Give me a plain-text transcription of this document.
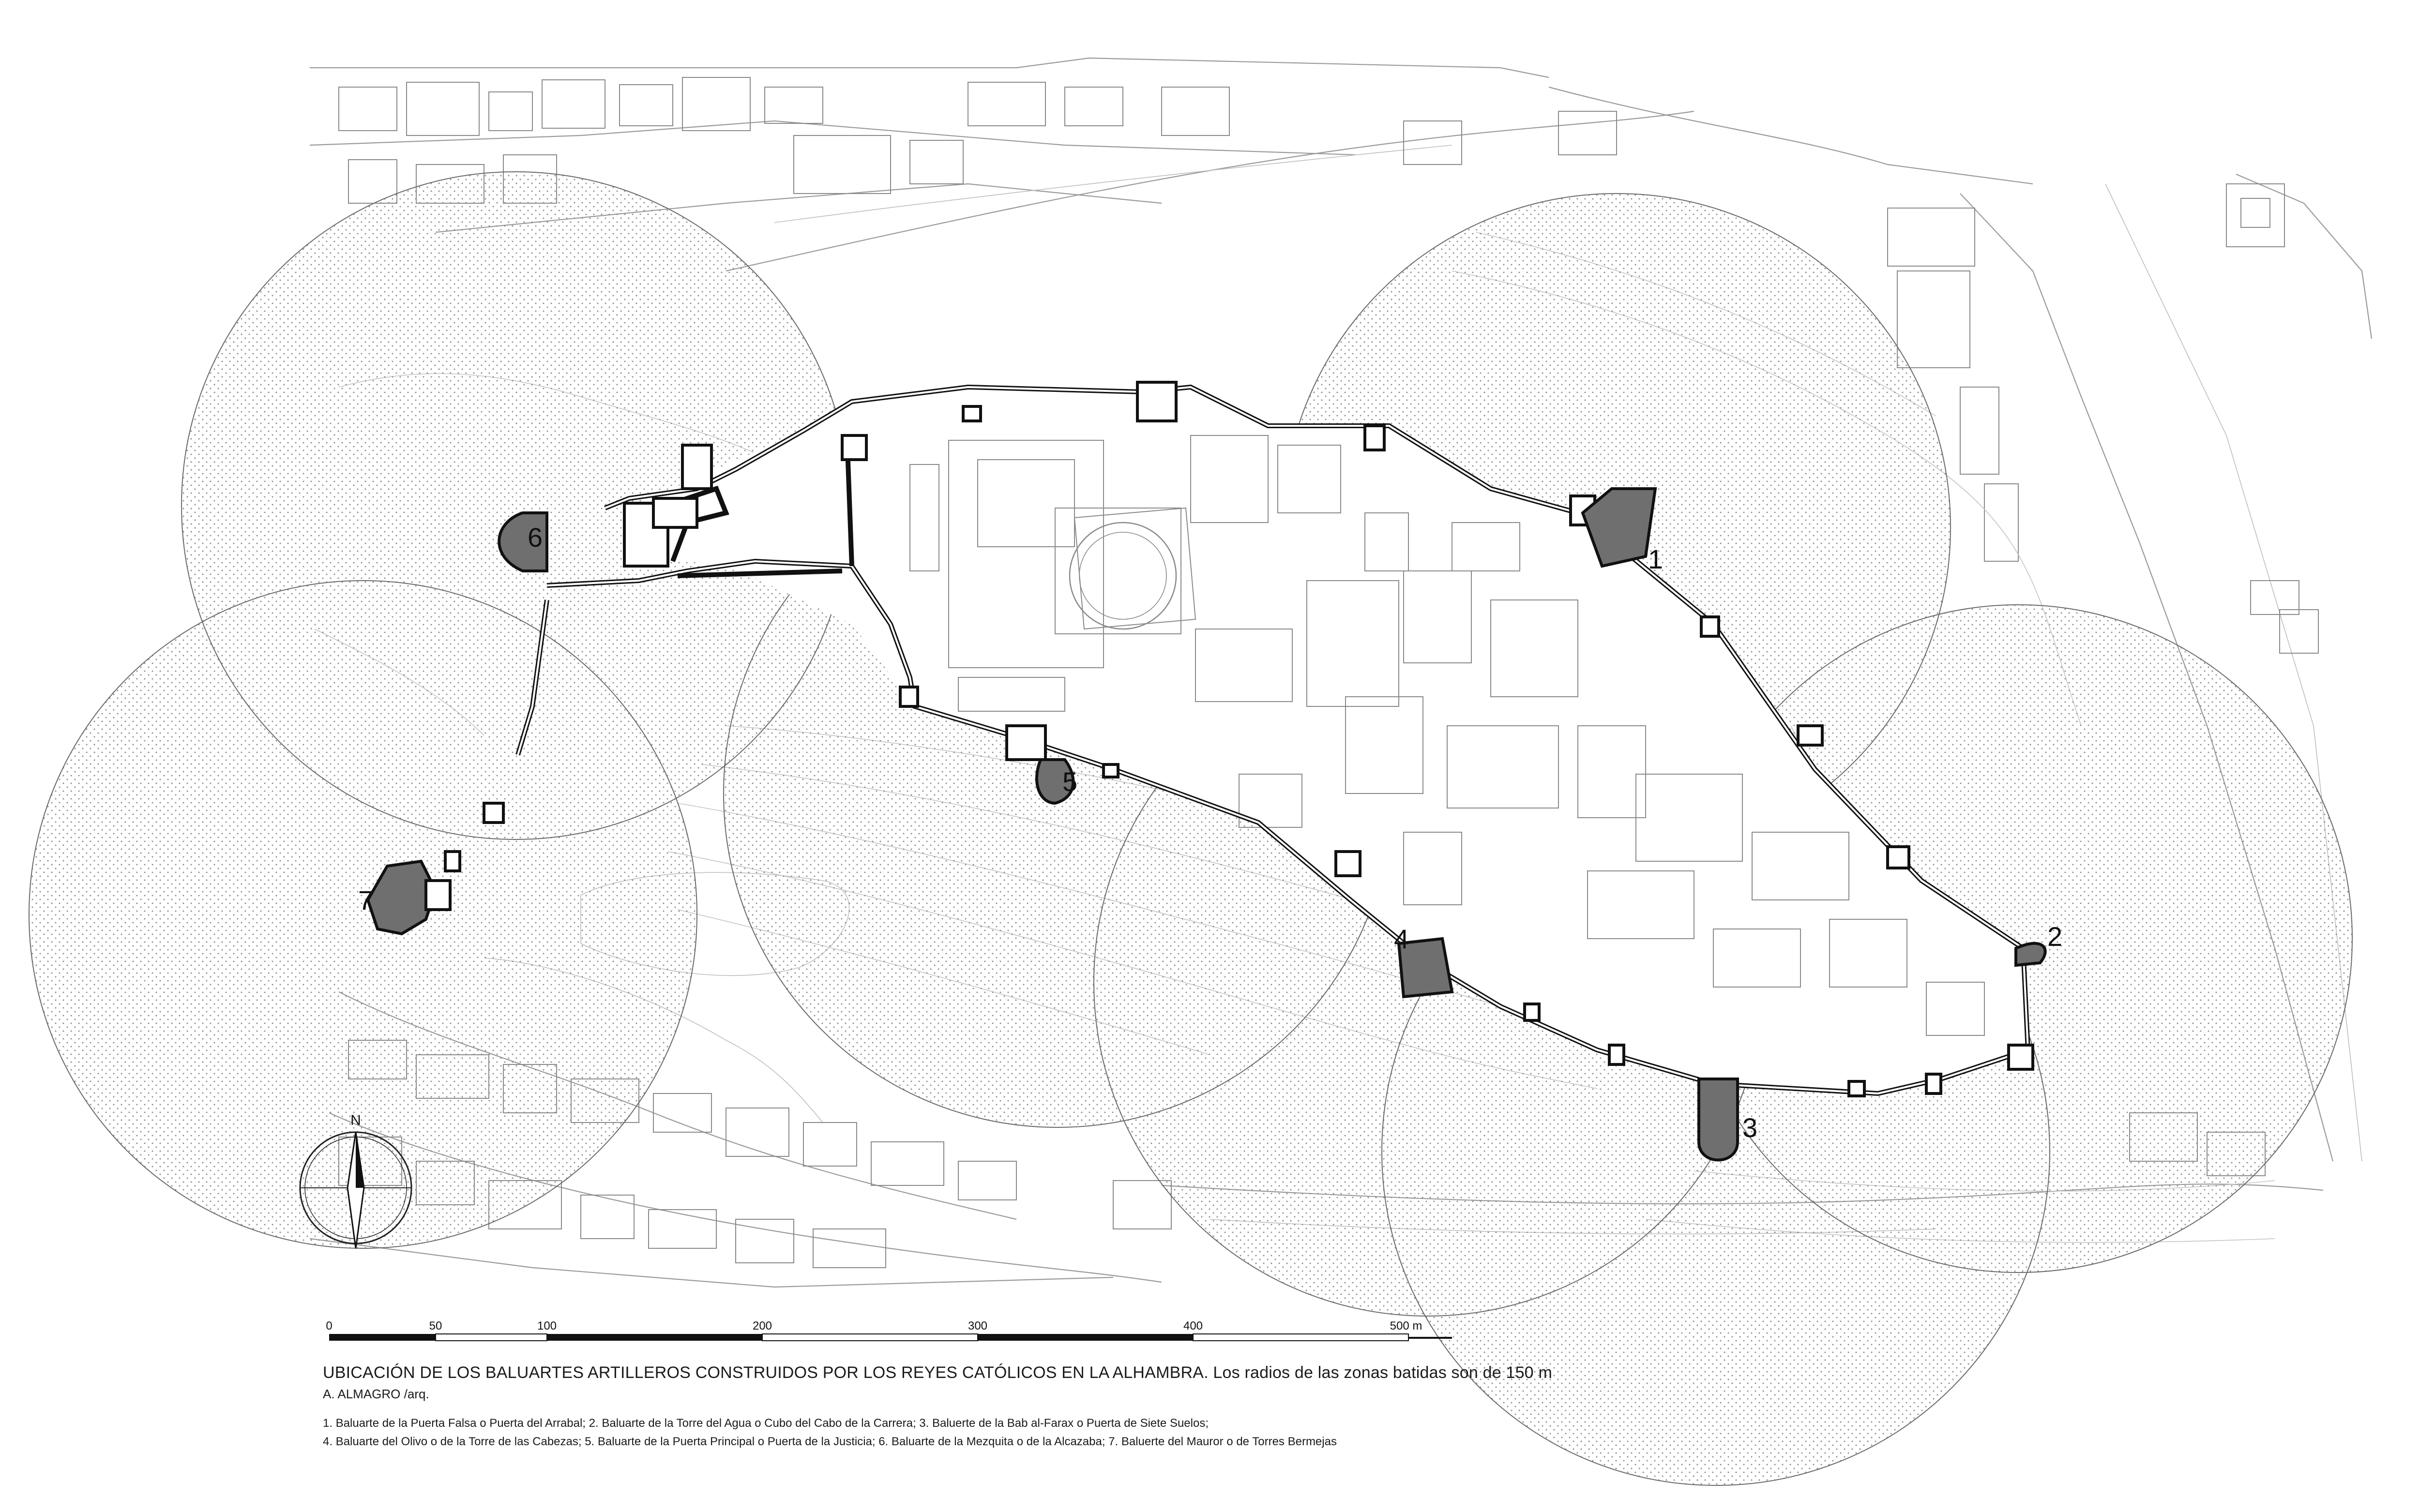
1
2
3
4
5
6
7
N
0	50	100	200	300	400	500 m
UBICACIÓN DE LOS BALUARTES ARTILLEROS CONSTRUIDOS POR LOS REYES CATÓLICOS EN LA ALHAMBRA. Los radios de las zonas batidas son de 150 m
A. ALMAGRO /arq.
1. Baluarte de la Puerta Falsa o Puerta del Arrabal; 2. Baluarte de la Torre del Agua o Cubo del Cabo de la Carrera; 3. Baluerte de la Bab al-Farax o Puerta de Siete Suelos;
4. Baluarte del Olivo o de la Torre de las Cabezas; 5. Baluarte de la Puerta Principal o Puerta de la Justicia; 6. Baluarte de la Mezquita o de la Alcazaba; 7. Baluerte del Mauror o de Torres Bermejas
